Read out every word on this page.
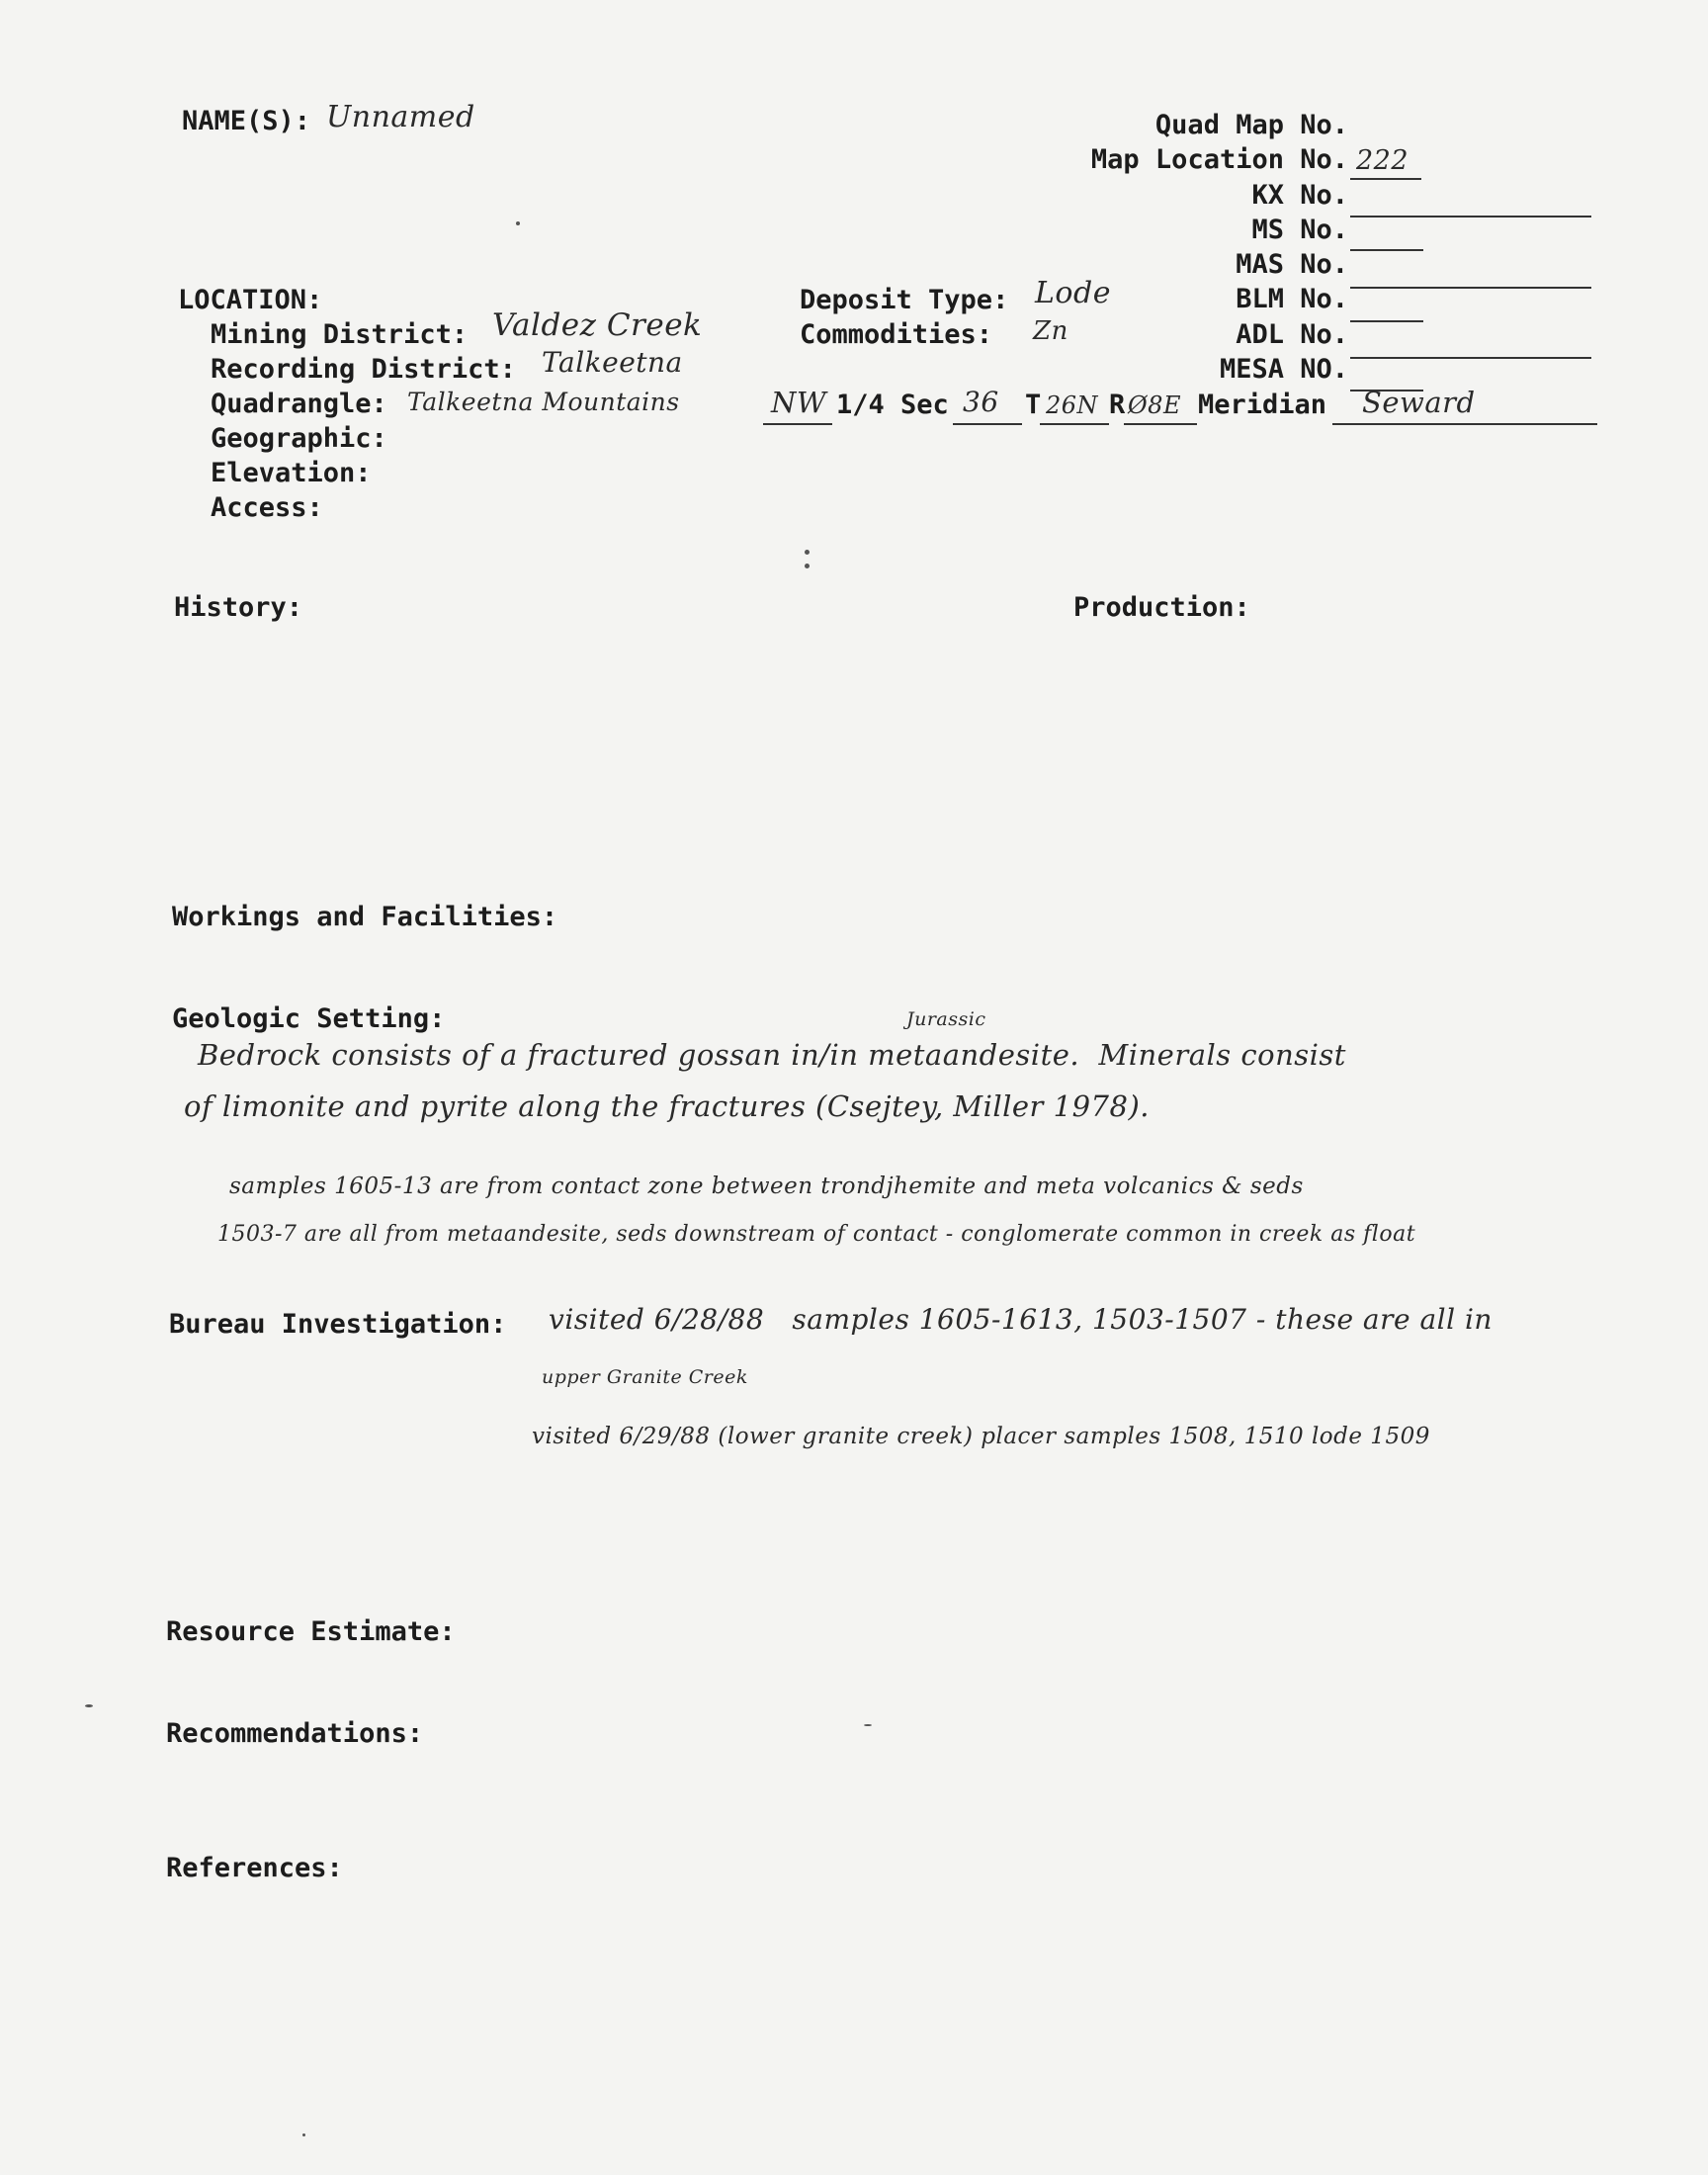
NAME(S): Unnamed	Quad Map No.
Map Location No. 222
KX No.
MS No.
MAS No.
BLM No.
ADL No.
MESA NO.
LOCATION:
Mining District: Valdez Creek
Recording District: Talkeetna
Quadrangle: Talkeetna Mountains
Geographic:
Elevation:
Access:
Deposit Type: Lode
Commodities: Zn
NW 1/4 Sec 36 T 26N R Ø8E Meridian Seward
History:	Production:
Workings and Facilities:
Geologic Setting:	Jurassic
Bedrock consists of a fractured gossan in/in metaandesite.  Minerals consist
of limonite and pyrite along the fractures (Csejtey, Miller 1978).
samples 1605-13 are from contact zone between trondjhemite and meta volcanics & seds
1503-7 are all from metaandesite, seds downstream of contact - conglomerate common in creek as float
Bureau Investigation: visited 6/28/88   samples 1605-1613, 1503-1507 - these are all in
upper Granite Creek
visited 6/29/88 (lower granite creek) placer samples 1508, 1510 lode 1509
Resource Estimate:
Recommendations:
References:
